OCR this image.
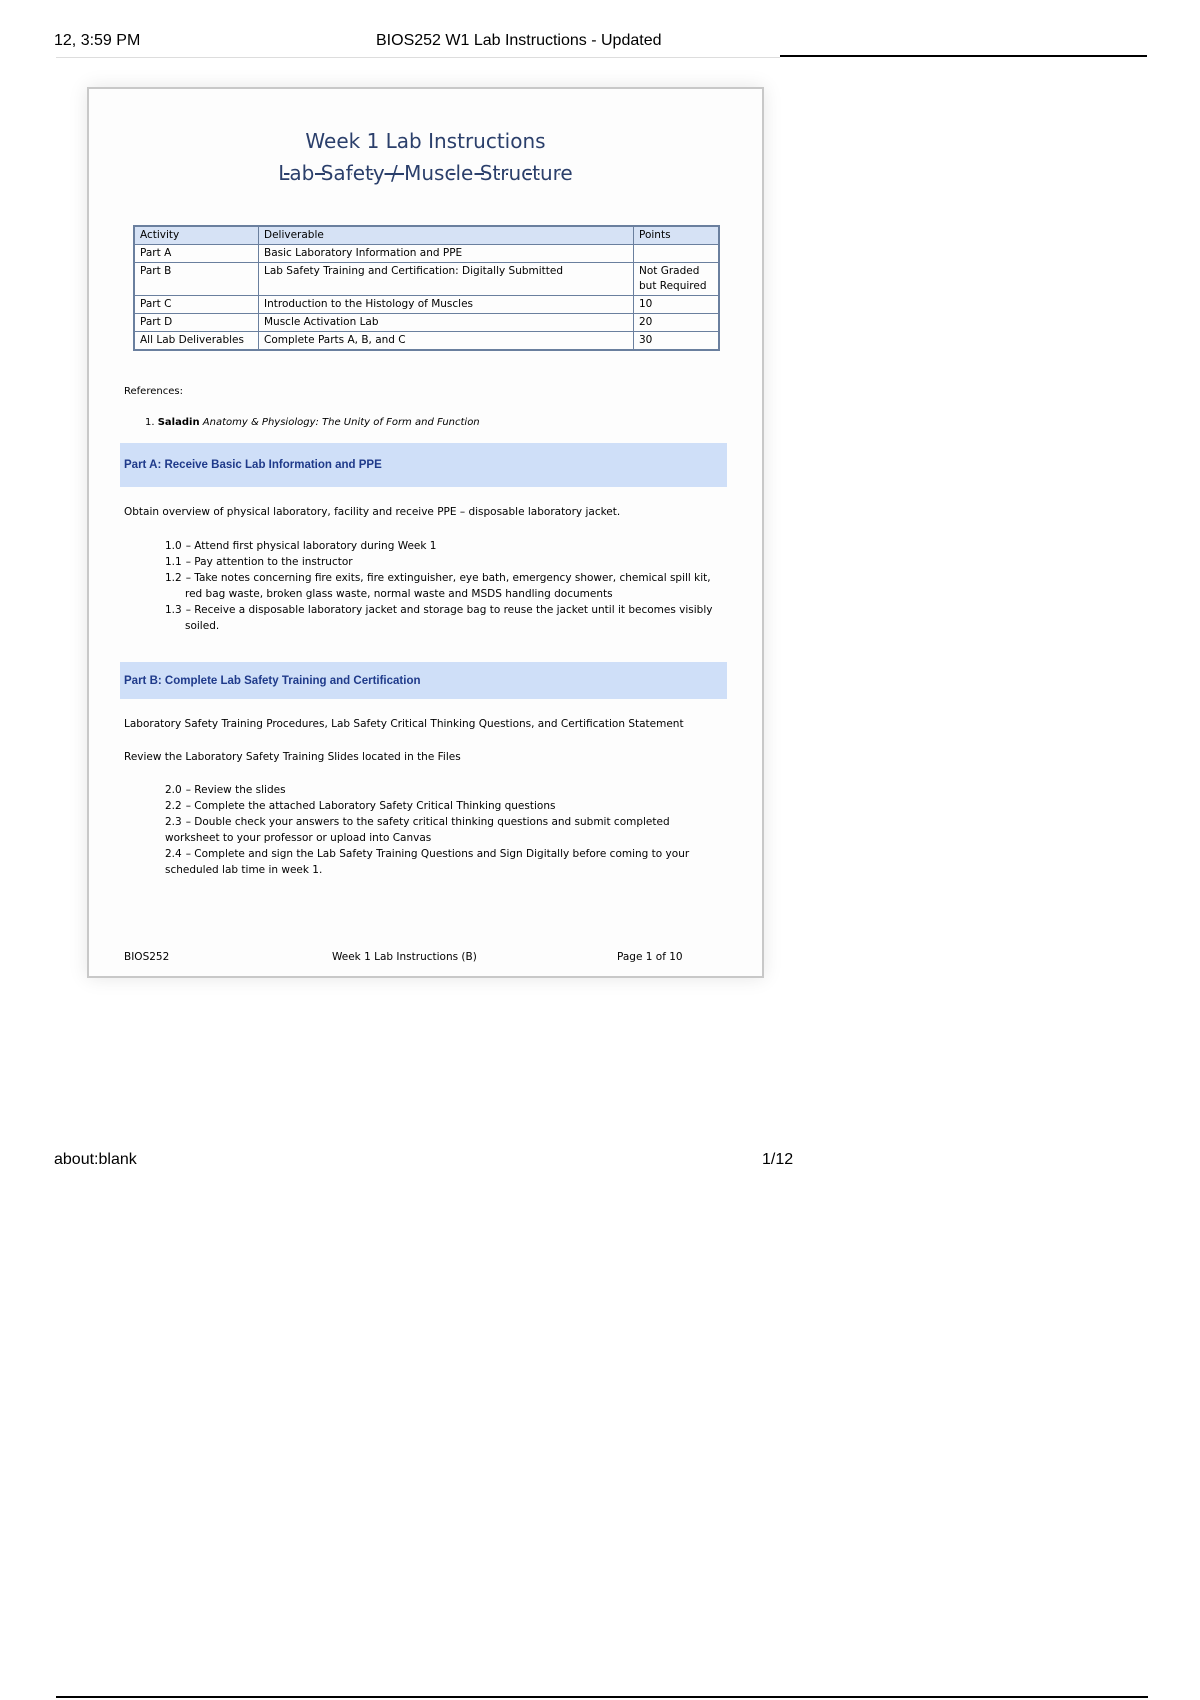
12, 3:59 PM	BIOS252 W1 Lab Instructions - Updated
Week 1 Lab Instructions
Lab Safety / Muscle Structure
Activity	Deliverable	Points
Part A	Basic Laboratory Information and PPE	
Part B	Lab Safety Training and Certification: Digitally Submitted	Not Graded but Required
Part C	Introduction to the Histology of Muscles	10
Part D	Muscle Activation Lab	20
All Lab Deliverables	Complete Parts A, B, and C	30
References:
1. Saladin Anatomy & Physiology: The Unity of Form and Function
Part A: Receive Basic Lab Information and PPE
Obtain overview of physical laboratory, facility and receive PPE – disposable laboratory jacket.
1.0 – Attend first physical laboratory during Week 1
1.1 – Pay attention to the instructor
1.2 – Take notes concerning fire exits, fire extinguisher, eye bath, emergency shower, chemical spill kit, red bag waste, broken glass waste, normal waste and MSDS handling documents
1.3 – Receive a disposable laboratory jacket and storage bag to reuse the jacket until it becomes visibly soiled.
Part B: Complete Lab Safety Training and Certification
Laboratory Safety Training Procedures, Lab Safety Critical Thinking Questions, and Certification Statement
Review the Laboratory Safety Training Slides located in the Files
2.0 – Review the slides
2.2 – Complete the attached Laboratory Safety Critical Thinking questions
2.3 – Double check your answers to the safety critical thinking questions and submit completed worksheet to your professor or upload into Canvas
2.4 – Complete and sign the Lab Safety Training Questions and Sign Digitally before coming to your scheduled lab time in week 1.
BIOS252	Week 1 Lab Instructions (B)	Page 1 of 10
about:blank	1/12
